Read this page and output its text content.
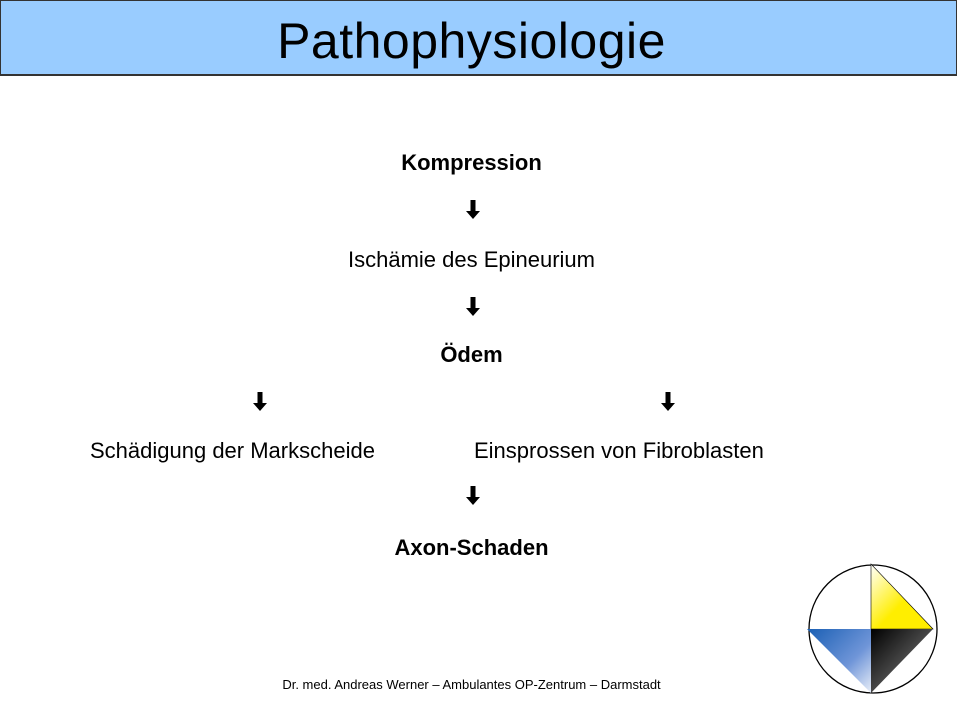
Pathophysiologie
Kompression
Ischämie des Epineurium
Ödem
Schädigung der Markscheide	Einsprossen von Fibroblasten
Axon-Schaden
Dr. med. Andreas Werner – Ambulantes OP-Zentrum – Darmstadt
